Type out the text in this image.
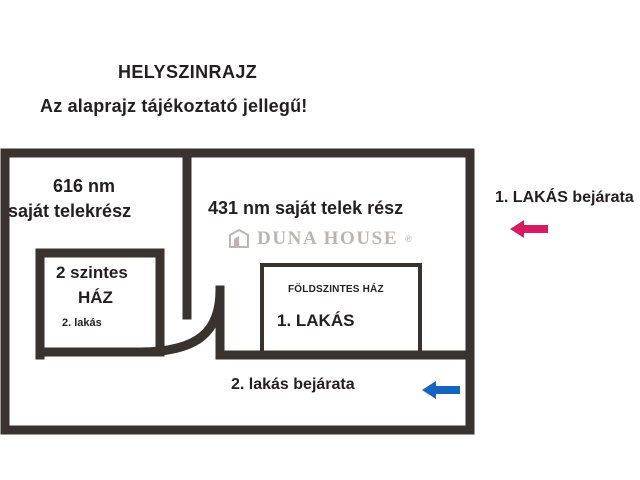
HELYSZINRAJZ
Az alaprajz tájékoztató jellegű!
616 nm
saját telekrész	431 nm saját telek rész
2 szintes
HÁZ
2. lakás
FÖLDSZINTES HÁZ
1. LAKÁS
2. lakás bejárata
1. LAKÁS bejárata
DUNA HOUSE ®
